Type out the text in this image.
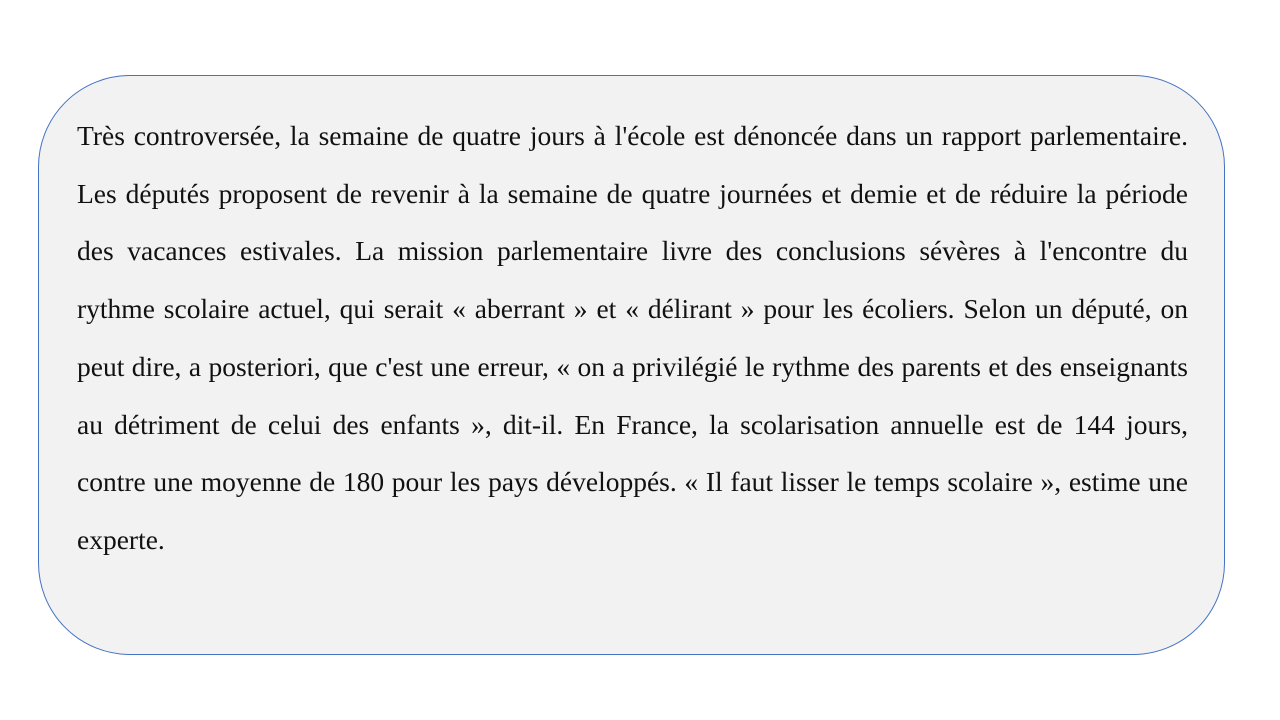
Très controversée, la semaine de quatre jours à l'école est dénoncée dans un rapport parlementaire. Les députés proposent de revenir à la semaine de quatre journées et demie et de réduire la période des vacances estivales. La mission parlementaire livre des conclusions sévères à l'encontre du rythme scolaire actuel, qui serait « aberrant » et « délirant » pour les écoliers. Selon un député, on peut dire, a posteriori, que c'est une erreur, « on a privilégié le rythme des parents et des enseignants au détriment de celui des enfants », dit-il. En France, la scolarisation annuelle est de 144 jours, contre une moyenne de 180 pour les pays développés. « Il faut lisser le temps scolaire », estime une experte.
